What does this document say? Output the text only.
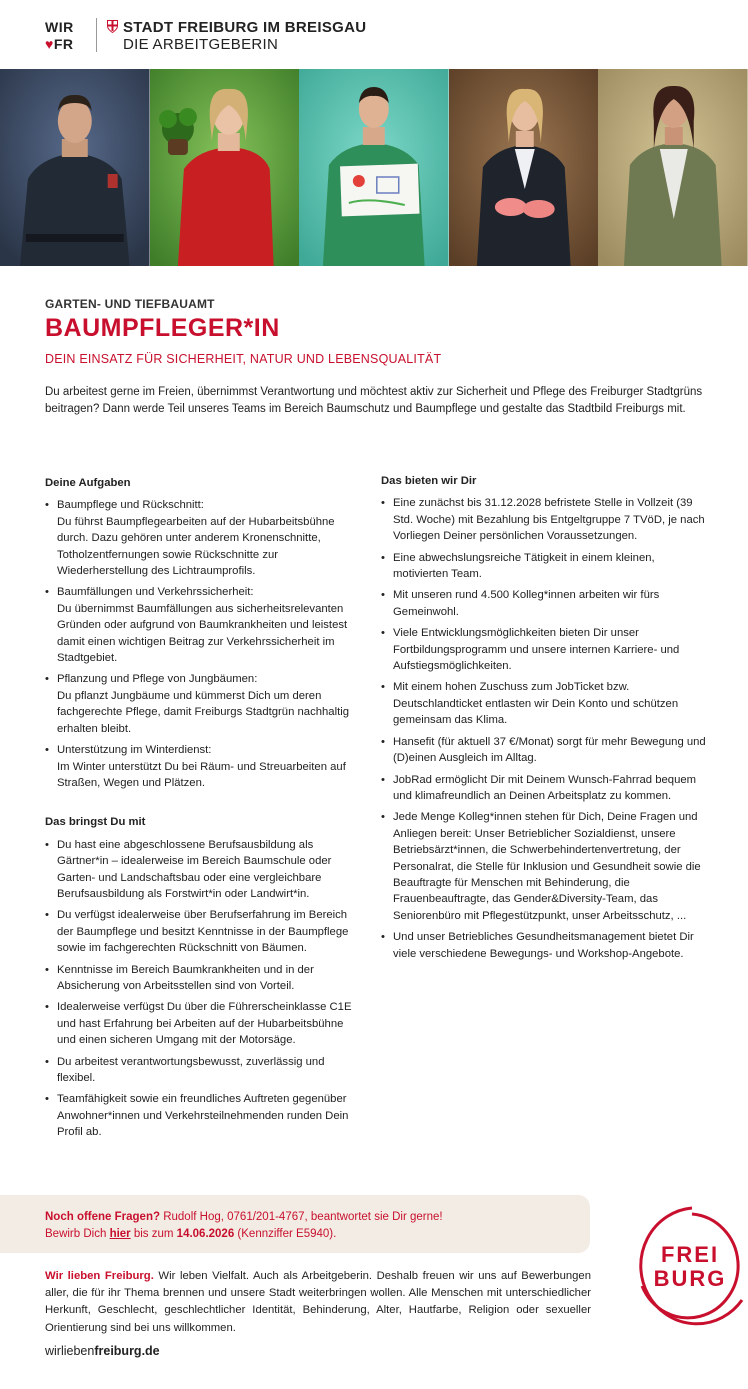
WIR
♥FR
STADT FREIBURG IM BREISGAU
DIE ARBEITGEBERIN
GARTEN- UND TIEFBAUAMT
BAUMPFLEGER*IN
DEIN EINSATZ FÜR SICHERHEIT, NATUR UND LEBENSQUALITÄT

Du arbeitest gerne im Freien, übernimmst Verantwortung und möchtest aktiv zur Sicherheit und Pflege des Freiburger Stadtgrüns beitragen? Dann werde Teil unseres Teams im Bereich Baumschutz und Baumpflege und gestalte das Stadtbild Freiburgs mit.

Deine Aufgaben
• Baumpflege und Rückschnitt:
Du führst Baumpflegearbeiten auf der Hubarbeitsbühne durch. Dazu gehören unter anderem Kronenschnitte, Totholzentfernungen sowie Rückschnitte zur Wiederherstellung des Lichtraumprofils.
• Baumfällungen und Verkehrssicherheit:
Du übernimmst Baumfällungen aus sicherheitsrelevanten Gründen oder aufgrund von Baumkrankheiten und leistest damit einen wichtigen Beitrag zur Verkehrssicherheit im Stadtgebiet.
• Pflanzung und Pflege von Jungbäumen:
Du pflanzt Jungbäume und kümmerst Dich um deren fachgerechte Pflege, damit Freiburgs Stadtgrün nachhaltig erhalten bleibt.
• Unterstützung im Winterdienst:
Im Winter unterstützt Du bei Räum- und Streuarbeiten auf Straßen, Wegen und Plätzen.
Das bringst Du mit
• Du hast eine abgeschlossene Berufsausbildung als Gärtner*in – idealerweise im Bereich Baumschule oder Garten- und Landschaftsbau oder eine vergleichbare Berufsausbildung als Forstwirt*in oder Landwirt*in.
• Du verfügst idealerweise über Berufserfahrung im Bereich der Baumpflege und besitzt Kenntnisse in der Baumpflege sowie im fachgerechten Rückschnitt von Bäumen.
• Kenntnisse im Bereich Baumkrankheiten und in der Absicherung von Arbeitsstellen sind von Vorteil.
• Idealerweise verfügst Du über die Führerscheinklasse C1E und hast Erfahrung bei Arbeiten auf der Hubarbeitsbühne und einen sicheren Umgang mit der Motorsäge.
• Du arbeitest verantwortungsbewusst, zuverlässig und flexibel.
• Teamfähigkeit sowie ein freundliches Auftreten gegenüber Anwohner*innen und Verkehrsteilnehmenden runden Dein Profil ab.
Das bieten wir Dir
• Eine zunächst bis 31.12.2028 befristete Stelle in Vollzeit (39 Std. Woche) mit Bezahlung bis Entgeltgruppe 7 TVöD, je nach Vorliegen Deiner persönlichen Voraussetzungen.
• Eine abwechslungsreiche Tätigkeit in einem kleinen, motivierten Team.
• Mit unseren rund 4.500 Kolleg*innen arbeiten wir fürs Gemeinwohl.
• Viele Entwicklungsmöglichkeiten bieten Dir unser Fortbildungsprogramm und unsere internen Karriere- und Aufstiegsmöglichkeiten.
• Mit einem hohen Zuschuss zum JobTicket bzw. Deutschlandticket entlasten wir Dein Konto und schützen gemeinsam das Klima.
• Hansefit (für aktuell 37 €/Monat) sorgt für mehr Bewegung und (D)einen Ausgleich im Alltag.
• JobRad ermöglicht Dir mit Deinem Wunsch-Fahrrad bequem und klimafreundlich an Deinen Arbeitsplatz zu kommen.
• Jede Menge Kolleg*innen stehen für Dich, Deine Fragen und Anliegen bereit: Unser Betrieblicher Sozialdienst, unsere Betriebsärzt*innen, die Schwerbehindertenvertretung, der Personalrat, die Stelle für Inklusion und Gesundheit sowie die Beauftragte für Menschen mit Behinderung, die Frauenbeauftragte, das Gender&Diversity-Team, das Seniorenbüro mit Pflegestützpunkt, unser Arbeitsschutz, ...
• Und unser Betriebliches Gesundheitsmanagement bietet Dir viele verschiedene Bewegungs- und Workshop-Angebote.
Noch offene Fragen? Rudolf Hog, 0761/201-4767, beantwortet sie Dir gerne!
Bewirb Dich hier bis zum 14.06.2026 (Kennziffer E5940).

Wir lieben Freiburg. Wir leben Vielfalt. Auch als Arbeitgeberin. Deshalb freuen wir uns auf Bewerbungen aller, die für ihr Thema brennen und unsere Stadt weiterbringen wollen. Alle Menschen mit unterschiedlicher Herkunft, Geschlecht, geschlechtlicher Identität, Behinderung, Alter, Hautfarbe, Religion oder sexueller Orientierung sind bei uns willkommen.

wirliebenfreiburg.de
FREI
BURG
